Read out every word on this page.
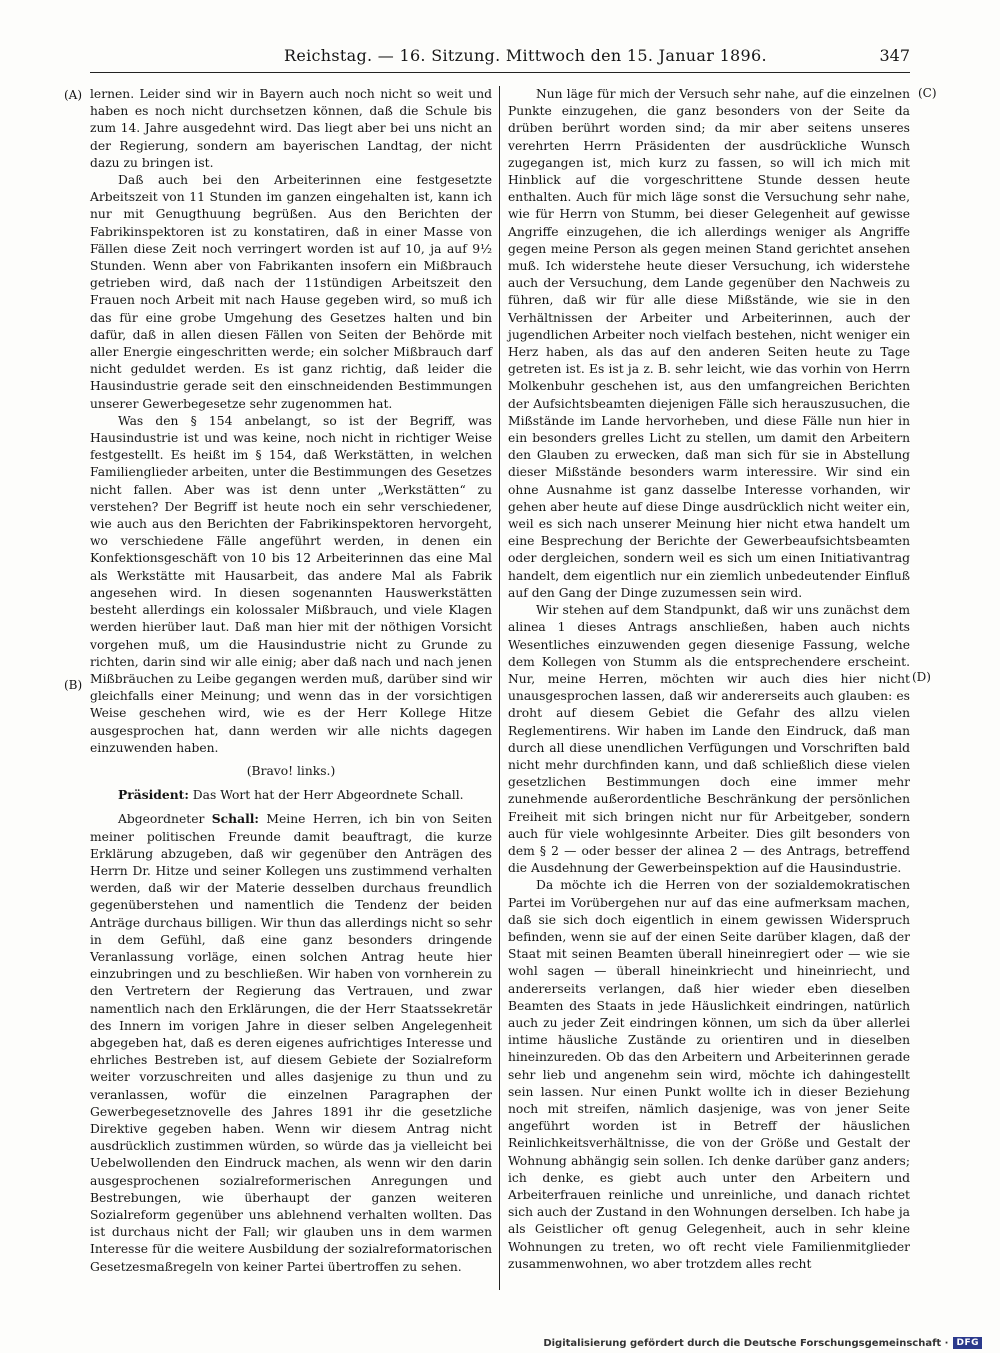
Reichstag. — 16. Sitzung. Mittwoch den 15. Januar 1896.	347
(A)
(B)
(C)
(D)

lernen. Leider sind wir in Bayern auch noch nicht so weit und haben es noch nicht durchsetzen können, daß die Schule bis zum 14. Jahre ausgedehnt wird. Das liegt aber bei uns nicht an der Regierung, sondern am bayerischen Landtag, der nicht dazu zu bringen ist.

Daß auch bei den Arbeiterinnen eine festgesetzte Arbeitszeit von 11 Stunden im ganzen eingehalten ist, kann ich nur mit Genugthuung begrüßen. Aus den Berichten der Fabrikinspektoren ist zu konstatiren, daß in einer Masse von Fällen diese Zeit noch verringert worden ist auf 10, ja auf 9½ Stunden. Wenn aber von Fabrikanten insofern ein Mißbrauch getrieben wird, daß nach der 11stündigen Arbeitszeit den Frauen noch Arbeit mit nach Hause gegeben wird, so muß ich das für eine grobe Umgehung des Gesetzes halten und bin dafür, daß in allen diesen Fällen von Seiten der Behörde mit aller Energie eingeschritten werde; ein solcher Mißbrauch darf nicht geduldet werden. Es ist ganz richtig, daß leider die Hausindustrie gerade seit den einschneidenden Bestimmungen unserer Gewerbegesetze sehr zugenommen hat.

Was den § 154 anbelangt, so ist der Begriff, was Hausindustrie ist und was keine, noch nicht in richtiger Weise festgestellt. Es heißt im § 154, daß Werkstätten, in welchen Familienglieder arbeiten, unter die Bestimmungen des Gesetzes nicht fallen. Aber was ist denn unter „Werkstätten“ zu verstehen? Der Begriff ist heute noch ein sehr verschiedener, wie auch aus den Berichten der Fabrikinspektoren hervorgeht, wo verschiedene Fälle angeführt werden, in denen ein Konfektionsgeschäft von 10 bis 12 Arbeiterinnen das eine Mal als Werkstätte mit Hausarbeit, das andere Mal als Fabrik angesehen wird. In diesen sogenannten Hauswerkstätten besteht allerdings ein kolossaler Mißbrauch, und viele Klagen werden hierüber laut. Daß man hier mit der nöthigen Vorsicht vorgehen muß, um die Hausindustrie nicht zu Grunde zu richten, darin sind wir alle einig; aber daß nach und nach jenen Mißbräuchen zu Leibe gegangen werden muß, darüber sind wir gleichfalls einer Meinung; und wenn das in der vorsichtigen Weise geschehen wird, wie es der Herr Kollege Hitze ausgesprochen hat, dann werden wir alle nichts dagegen einzuwenden haben.

(Bravo! links.)

Präsident: Das Wort hat der Herr Abgeordnete Schall.

Abgeordneter Schall: Meine Herren, ich bin von Seiten meiner politischen Freunde damit beauftragt, die kurze Erklärung abzugeben, daß wir gegenüber den Anträgen des Herrn Dr. Hitze und seiner Kollegen uns zustimmend verhalten werden, daß wir der Materie desselben durchaus freundlich gegenüberstehen und namentlich die Tendenz der beiden Anträge durchaus billigen. Wir thun das allerdings nicht so sehr in dem Gefühl, daß eine ganz besonders dringende Veranlassung vorläge, einen solchen Antrag heute hier einzubringen und zu beschließen. Wir haben von vornherein zu den Vertretern der Regierung das Vertrauen, und zwar namentlich nach den Erklärungen, die der Herr Staatssekretär des Innern im vorigen Jahre in dieser selben Angelegenheit abgegeben hat, daß es deren eigenes aufrichtiges Interesse und ehrliches Bestreben ist, auf diesem Gebiete der Sozialreform weiter vorzuschreiten und alles dasjenige zu thun und zu veranlassen, wofür die einzelnen Paragraphen der Gewerbegesetznovelle des Jahres 1891 ihr die gesetzliche Direktive gegeben haben. Wenn wir diesem Antrag nicht ausdrücklich zustimmen würden, so würde das ja vielleicht bei Uebelwollenden den Eindruck machen, als wenn wir den darin ausgesprochenen sozialreformerischen Anregungen und Bestrebungen, wie überhaupt der ganzen weiteren Sozialreform gegenüber uns ablehnend verhalten wollten. Das ist durchaus nicht der Fall; wir glauben uns in dem warmen Interesse für die weitere Ausbildung der sozialreformatorischen Gesetzesmaßregeln von keiner Partei übertroffen zu sehen.

Nun läge für mich der Versuch sehr nahe, auf die einzelnen Punkte einzugehen, die ganz besonders von der Seite da drüben berührt worden sind; da mir aber seitens unseres verehrten Herrn Präsidenten der ausdrückliche Wunsch zugegangen ist, mich kurz zu fassen, so will ich mich mit Hinblick auf die vorgeschrittene Stunde dessen heute enthalten. Auch für mich läge sonst die Versuchung sehr nahe, wie für Herrn von Stumm, bei dieser Gelegenheit auf gewisse Angriffe einzugehen, die ich allerdings weniger als Angriffe gegen meine Person als gegen meinen Stand gerichtet ansehen muß. Ich widerstehe heute dieser Versuchung, ich widerstehe auch der Versuchung, dem Lande gegenüber den Nachweis zu führen, daß wir für alle diese Mißstände, wie sie in den Verhältnissen der Arbeiter und Arbeiterinnen, auch der jugendlichen Arbeiter noch vielfach bestehen, nicht weniger ein Herz haben, als das auf den anderen Seiten heute zu Tage getreten ist. Es ist ja z. B. sehr leicht, wie das vorhin von Herrn Molkenbuhr geschehen ist, aus den umfangreichen Berichten der Aufsichtsbeamten diejenigen Fälle sich herauszusuchen, die Mißstände im Lande hervorheben, und diese Fälle nun hier in ein besonders grelles Licht zu stellen, um damit den Arbeitern den Glauben zu erwecken, daß man sich für sie in Abstellung dieser Mißstände besonders warm interessire. Wir sind ein ohne Ausnahme ist ganz dasselbe Interesse vorhanden, wir gehen aber heute auf diese Dinge ausdrücklich nicht weiter ein, weil es sich nach unserer Meinung hier nicht etwa handelt um eine Besprechung der Berichte der Gewerbeaufsichtsbeamten oder dergleichen, sondern weil es sich um einen Initiativantrag handelt, dem eigentlich nur ein ziemlich unbedeutender Einfluß auf den Gang der Dinge zuzumessen sein wird.

Wir stehen auf dem Standpunkt, daß wir uns zunächst dem alinea 1 dieses Antrags anschließen, haben auch nichts Wesentliches einzuwenden gegen diesenige Fassung, welche dem Kollegen von Stumm als die entsprechendere erscheint. Nur, meine Herren, möchten wir auch dies hier nicht unausgesprochen lassen, daß wir andererseits auch glauben: es droht auf diesem Gebiet die Gefahr des allzu vielen Reglementirens. Wir haben im Lande den Eindruck, daß man durch all diese unendlichen Verfügungen und Vorschriften bald nicht mehr durchfinden kann, und daß schließlich diese vielen gesetzlichen Bestimmungen doch eine immer mehr zunehmende außerordentliche Beschränkung der persönlichen Freiheit mit sich bringen nicht nur für Arbeitgeber, sondern auch für viele wohlgesinnte Arbeiter. Dies gilt besonders von dem § 2 — oder besser der alinea 2 — des Antrags, betreffend die Ausdehnung der Gewerbeinspektion auf die Hausindustrie.

Da möchte ich die Herren von der sozialdemokratischen Partei im Vorübergehen nur auf das eine aufmerksam machen, daß sie sich doch eigentlich in einem gewissen Widerspruch befinden, wenn sie auf der einen Seite darüber klagen, daß der Staat mit seinen Beamten überall hineinregiert oder — wie sie wohl sagen — überall hineinkriecht und hineinriecht, und andererseits verlangen, daß hier wieder eben dieselben Beamten des Staats in jede Häuslichkeit eindringen, natürlich auch zu jeder Zeit eindringen können, um sich da über allerlei intime häusliche Zustände zu orientiren und in dieselben hineinzureden. Ob das den Arbeitern und Arbeiterinnen gerade sehr lieb und angenehm sein wird, möchte ich dahingestellt sein lassen. Nur einen Punkt wollte ich in dieser Beziehung noch mit streifen, nämlich dasjenige, was von jener Seite angeführt worden ist in Betreff der häuslichen Reinlichkeitsverhältnisse, die von der Größe und Gestalt der Wohnung abhängig sein sollen. Ich denke darüber ganz anders; ich denke, es giebt auch unter den Arbeitern und Arbeiterfrauen reinliche und unreinliche, und danach richtet sich auch der Zustand in den Wohnungen derselben. Ich habe ja als Geistlicher oft genug Gelegenheit, auch in sehr kleine Wohnungen zu treten, wo oft recht viele Familienmitglieder zusammenwohnen, wo aber trotzdem alles recht

Digitalisierung gefördert durch die Deutsche Forschungsgemeinschaft · DFG
